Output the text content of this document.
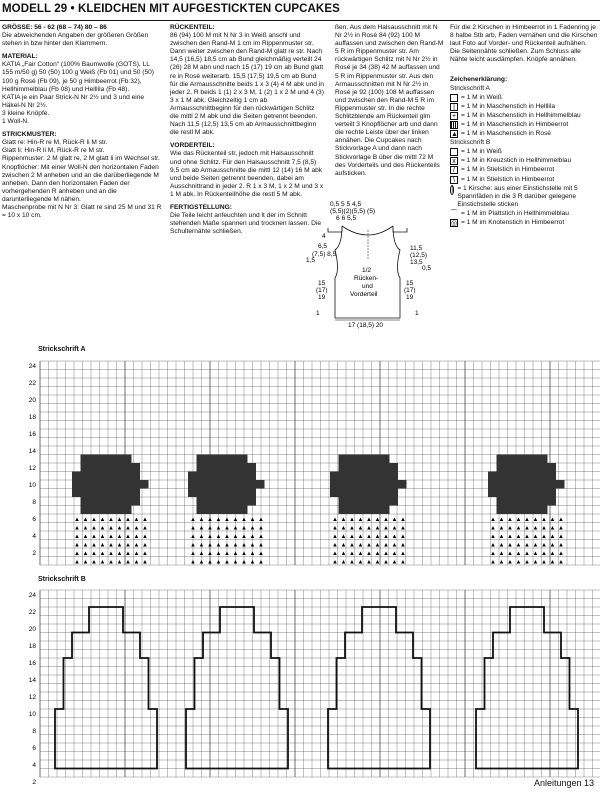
MODELL 29 • KLEIDCHEN MIT AUFGESTICKTEN CUPCAKES

GRÖSSE: 56 - 62 (68 – 74) 80 – 86

Die abweichenden Angaben der größeren Größen stehen in bzw hinter den Klammern.

MATERIAL:

KATIA „Fair Cotton“ (100% Baumwolle (GOTS), LL 155 m/50 g) 50 (50) 100 g Weiß (Fb 01) und 50 (50) 100 g Rosé (Fb 09), je 50 g Himbeerrot (Fb 32), Hellhimmelblau (Fb 08) und Helllila (Fb 48).

KATIA je ein Paar Strick-N Nr 2½ und 3 und eine Häkel-N Nr 2½.

3 kleine Knöpfe.

1 Woll-N.

STRICKMUSTER:

Glatt re: Hin-R re M, Rück-R li M str.

Glatt li: Hin-R li M, Rück-R re M str.

Rippenmuster: 2 M glatt re, 2 M glatt li im Wechsel str.

Knopflöcher: Mit einer Woll-N den horizontalen Faden zwischen 2 M anheben und an die darüberliegende M anheben. Dann den horizontalen Faden der vorhergehenden R anheben und an die darunterliegende M nähen.

Maschenprobe mit N Nr 3: Glatt re sind 25 M und 31 R = 10 x 10 cm.

RÜCKENTEIL:

86 (94) 100 M mit N Nr 3 in Weiß anschl und zwischen den Rand-M 1 cm im Rippenmuster str. Dann weiter zwischen den Rand-M glatt re str. Nach 14,5 (16,5) 18,5 cm ab Bund gleichmäßig verteilt 24 (26) 28 M abn und nach 15 (17) 19 cm ab Bund glatt re in Rosé weiterarb. 15,5 (17,5) 19,5 cm ab Bund für die Armausschnitte beids 1 x 3 (4) 4 M abk und in jeder 2. R beids 1 (1) 2 x 3 M, 1 (2) 1 x 2 M und 4 (3) 3 x 1 M abk. Gleichzeitig 1 cm ab Armausschnittbeginn für den rückwärtigen Schlitz die mittl 2 M abk und die Seiten getrennt beenden. Nach 11,5 (12,5) 13,5 cm ab Armausschnittbeginn die restl M abk.

VORDERTEIL:

Wie das Rückenteil str, jedoch mit Halsausschnitt und ohne Schlitz. Für den Halsausschnitt 7,5 (8,5) 9,5 cm ab Armausschnitte die mittl 12 (14) 16 M abk und beide Seiten getrennt beenden, dabei am Ausschnittrand in jeder 2. R 1 x 3 M, 1 x 2 M und 3 x 1 M abk. In Rückenteilhöhe die restl 5 M abk.

FERTIGSTELLUNG:

Die Teile leicht anfeuchten und lt der im Schnitt stehenden Maße spannen und trocknen lassen. Die Schulternähte schließen.

ßen. Aus dem Halsausschnitt mit N Nr 2½ in Rosé 84 (92) 100 M auffassen und zwischen den Rand-M 5 R im Rippenmuster str. Am rückwärtigen Schlitz mit N Nr 2½ in Rosé je 34 (38) 42 M auffassen und 5 R im Rippenmuster str. Aus den Armausschnitten mit N Nr 2½ in Rosé je 92 (100) 108 M auffassen und zwischen den Rand-M 5 R im Rippenmuster str. In die rechte Schlitzblende am Rückenteil glm verteilt 3 Knopflöcher arb und dann die rechte Leiste über der linken annähen. Die Cupcakes nach Stickvorlage A und dann nach Stickvorlage B über die mittl 72 M des Vorderteils und des Rückenteils aufsticken.

Für die 2 Kirschen in Himbeerrot in 1 Fadenring je 8 halbe Stb arb, Faden vernähen und die Kirschen laut Foto auf Vorder- und Rückenteil aufnähen. Die Seitennähte schließen. Zum Schluss alle Nähte leicht ausdämpfen. Knöpfe annähen.

Zeichenerklärung:

Strickschrift A

= 1 M in Weiß
| = 1 M in Maschenstich in Helllila
+ = 1 M in Maschenstich in Hellhimmelblau
= 1 M in Maschenstich in Himbeerrot
▲ = 1 M in Maschenstich in Rosé

Strickschrift B

= 1 M in Weiß
x = 1 M in Kreuzstich in Hellhimmelblau
/ = 1 M in Stielstich in Himbeerrot
\ = 1 M in Stielstich in Himbeerrot
| = 1 Kirsche: aus einer Einstichstelle mit 5 Spannfäden in die 3 R darüber gelegene Einstichstelle sticken
⌒ = 1 M im Plattstich in Hellhimmelblau
◎ = 1 M im Knotenstich in Himbeerrot
0,5 5 5 4,5
(5,5)(2)(5,5) (5)
6 6 5,5
4
6,5
(7,5) 8,5
1,5
11,5
(12,5)
13,5
0,5
1/2
Rücken-
und
Vorderteil
15
(17)
19
15
(17)
19
1	1
17 (18,5) 20
Strickschrift A
Strickschrift B
24
22
20
18
16
14
12
10
8
6
4
2
▲ ▲ ▲ ▲ ▲ ▲ ▲ ▲ ▲
▲ ▲ ▲ ▲ ▲ ▲ ▲ ▲ ▲
▲ ▲ ▲ ▲ ▲ ▲ ▲ ▲ ▲
▲ ▲ ▲ ▲ ▲ ▲ ▲ ▲ ▲
▲ ▲ ▲ ▲ ▲ ▲ ▲ ▲ ▲
▲ ▲ ▲ ▲ ▲ ▲ ▲ ▲ ▲
▲ ▲ ▲ ▲ ▲ ▲ ▲ ▲ ▲
▲ ▲ ▲ ▲ ▲ ▲ ▲ ▲ ▲
▲ ▲ ▲ ▲ ▲ ▲ ▲ ▲ ▲
▲ ▲ ▲ ▲ ▲ ▲ ▲ ▲ ▲
▲ ▲ ▲ ▲ ▲ ▲ ▲ ▲ ▲
▲ ▲ ▲ ▲ ▲ ▲ ▲ ▲ ▲
▲ ▲ ▲ ▲ ▲ ▲ ▲ ▲ ▲
▲ ▲ ▲ ▲ ▲ ▲ ▲ ▲ ▲
▲ ▲ ▲ ▲ ▲ ▲ ▲ ▲ ▲
▲ ▲ ▲ ▲ ▲ ▲ ▲ ▲ ▲
▲ ▲ ▲ ▲ ▲ ▲ ▲ ▲ ▲
▲ ▲ ▲ ▲ ▲ ▲ ▲ ▲ ▲
▲ ▲ ▲ ▲ ▲ ▲ ▲ ▲ ▲
▲ ▲ ▲ ▲ ▲ ▲ ▲ ▲ ▲
▲ ▲ ▲ ▲ ▲ ▲ ▲ ▲ ▲
▲ ▲ ▲ ▲ ▲ ▲ ▲ ▲ ▲
▲ ▲ ▲ ▲ ▲ ▲ ▲ ▲ ▲
▲ ▲ ▲ ▲ ▲ ▲ ▲ ▲ ▲
24
22
20
18
16
14
12
10
8
6
4
2	Anleitungen 13
